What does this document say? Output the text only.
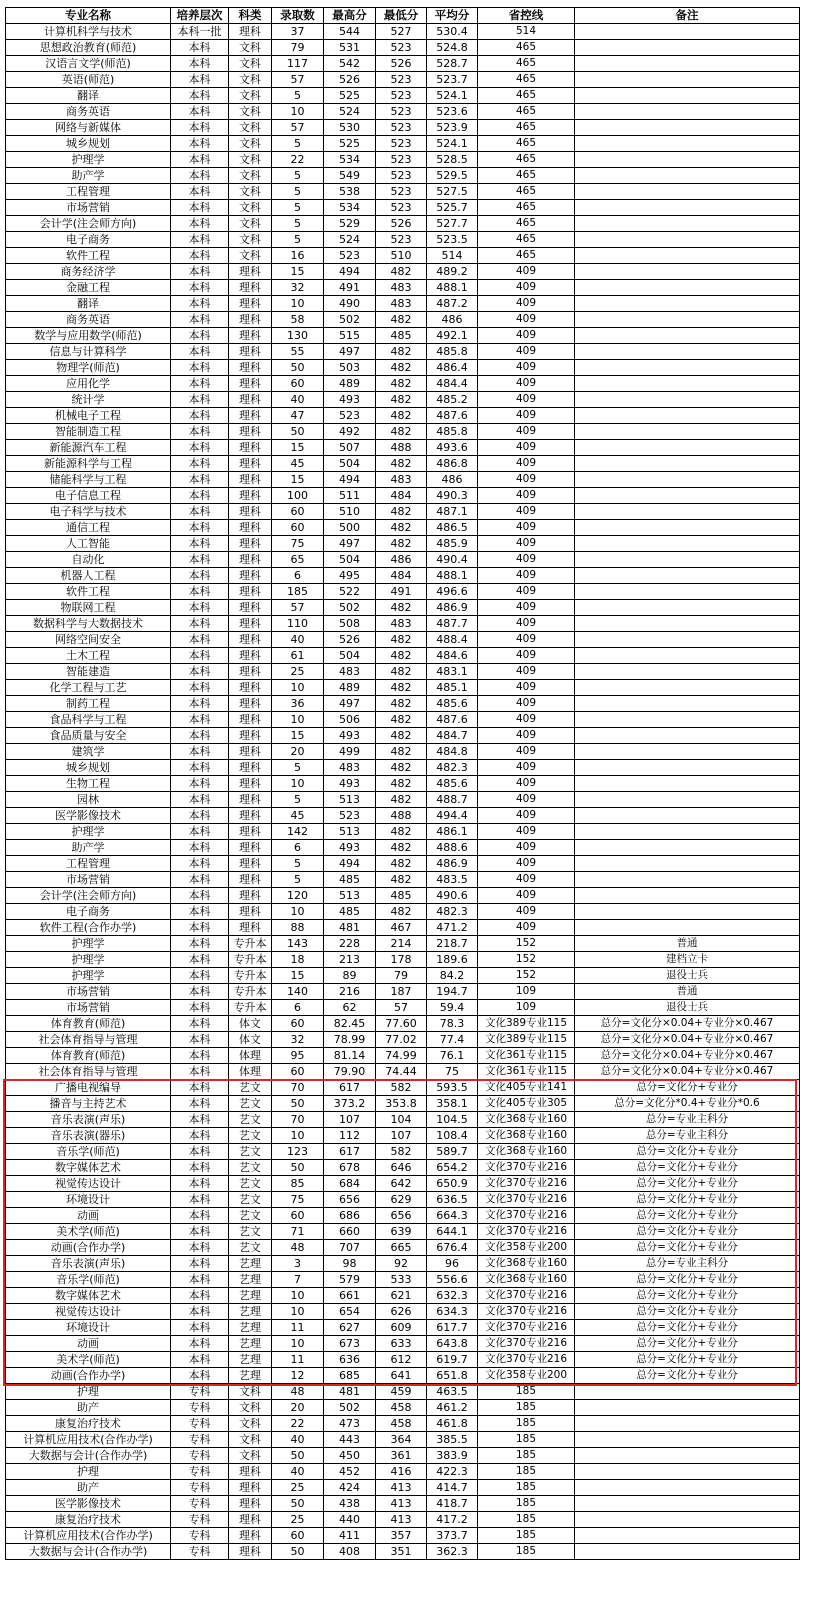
专业名称	培养层次	科类	录取数	最高分	最低分	平均分	省控线	备注
计算机科学与技术	本科一批	理科	37	544	527	530.4	514	
思想政治教育(师范)	本科	文科	79	531	523	524.8	465	
汉语言文学(师范)	本科	文科	117	542	526	528.7	465	
英语(师范)	本科	文科	57	526	523	523.7	465	
翻译	本科	文科	5	525	523	524.1	465	
商务英语	本科	文科	10	524	523	523.6	465	
网络与新媒体	本科	文科	57	530	523	523.9	465	
城乡规划	本科	文科	5	525	523	524.1	465	
护理学	本科	文科	22	534	523	528.5	465	
助产学	本科	文科	5	549	523	529.5	465	
工程管理	本科	文科	5	538	523	527.5	465	
市场营销	本科	文科	5	534	523	525.7	465	
会计学(注会师方向)	本科	文科	5	529	526	527.7	465	
电子商务	本科	文科	5	524	523	523.5	465	
软件工程	本科	文科	16	523	510	514	465	
商务经济学	本科	理科	15	494	482	489.2	409	
金融工程	本科	理科	32	491	483	488.1	409	
翻译	本科	理科	10	490	483	487.2	409	
商务英语	本科	理科	58	502	482	486	409	
数学与应用数学(师范)	本科	理科	130	515	485	492.1	409	
信息与计算科学	本科	理科	55	497	482	485.8	409	
物理学(师范)	本科	理科	50	503	482	486.4	409	
应用化学	本科	理科	60	489	482	484.4	409	
统计学	本科	理科	40	493	482	485.2	409	
机械电子工程	本科	理科	47	523	482	487.6	409	
智能制造工程	本科	理科	50	492	482	485.8	409	
新能源汽车工程	本科	理科	15	507	488	493.6	409	
新能源科学与工程	本科	理科	45	504	482	486.8	409	
储能科学与工程	本科	理科	15	494	483	486	409	
电子信息工程	本科	理科	100	511	484	490.3	409	
电子科学与技术	本科	理科	60	510	482	487.1	409	
通信工程	本科	理科	60	500	482	486.5	409	
人工智能	本科	理科	75	497	482	485.9	409	
自动化	本科	理科	65	504	486	490.4	409	
机器人工程	本科	理科	6	495	484	488.1	409	
软件工程	本科	理科	185	522	491	496.6	409	
物联网工程	本科	理科	57	502	482	486.9	409	
数据科学与大数据技术	本科	理科	110	508	483	487.7	409	
网络空间安全	本科	理科	40	526	482	488.4	409	
土木工程	本科	理科	61	504	482	484.6	409	
智能建造	本科	理科	25	483	482	483.1	409	
化学工程与工艺	本科	理科	10	489	482	485.1	409	
制药工程	本科	理科	36	497	482	485.6	409	
食品科学与工程	本科	理科	10	506	482	487.6	409	
食品质量与安全	本科	理科	15	493	482	484.7	409	
建筑学	本科	理科	20	499	482	484.8	409	
城乡规划	本科	理科	5	483	482	482.3	409	
生物工程	本科	理科	10	493	482	485.6	409	
园林	本科	理科	5	513	482	488.7	409	
医学影像技术	本科	理科	45	523	488	494.4	409	
护理学	本科	理科	142	513	482	486.1	409	
助产学	本科	理科	6	493	482	488.6	409	
工程管理	本科	理科	5	494	482	486.9	409	
市场营销	本科	理科	5	485	482	483.5	409	
会计学(注会师方向)	本科	理科	120	513	485	490.6	409	
电子商务	本科	理科	10	485	482	482.3	409	
软件工程(合作办学)	本科	理科	88	481	467	471.2	409	
护理学	本科	专升本	143	228	214	218.7	152	普通
护理学	本科	专升本	18	213	178	189.6	152	建档立卡
护理学	本科	专升本	15	89	79	84.2	152	退役士兵
市场营销	本科	专升本	140	216	187	194.7	109	普通
市场营销	本科	专升本	6	62	57	59.4	109	退役士兵
体育教育(师范)	本科	体文	60	82.45	77.60	78.3	文化389专业115	总分=文化分×0.04+专业分×0.467
社会体育指导与管理	本科	体文	32	78.99	77.02	77.4	文化389专业115	总分=文化分×0.04+专业分×0.467
体育教育(师范)	本科	体理	95	81.14	74.99	76.1	文化361专业115	总分=文化分×0.04+专业分×0.467
社会体育指导与管理	本科	体理	60	79.90	74.44	75	文化361专业115	总分=文化分×0.04+专业分×0.467
广播电视编导	本科	艺文	70	617	582	593.5	文化405专业141	总分=文化分+专业分
播音与主持艺术	本科	艺文	50	373.2	353.8	358.1	文化405专业305	总分=文化分*0.4+专业分*0.6
音乐表演(声乐)	本科	艺文	70	107	104	104.5	文化368专业160	总分=专业主科分
音乐表演(器乐)	本科	艺文	10	112	107	108.4	文化368专业160	总分=专业主科分
音乐学(师范)	本科	艺文	123	617	582	589.7	文化368专业160	总分=文化分+专业分
数字媒体艺术	本科	艺文	50	678	646	654.2	文化370专业216	总分=文化分+专业分
视觉传达设计	本科	艺文	85	684	642	650.9	文化370专业216	总分=文化分+专业分
环境设计	本科	艺文	75	656	629	636.5	文化370专业216	总分=文化分+专业分
动画	本科	艺文	60	686	656	664.3	文化370专业216	总分=文化分+专业分
美术学(师范)	本科	艺文	71	660	639	644.1	文化370专业216	总分=文化分+专业分
动画(合作办学)	本科	艺文	48	707	665	676.4	文化358专业200	总分=文化分+专业分
音乐表演(声乐)	本科	艺理	3	98	92	96	文化368专业160	总分=专业主科分
音乐学(师范)	本科	艺理	7	579	533	556.6	文化368专业160	总分=文化分+专业分
数字媒体艺术	本科	艺理	10	661	621	632.3	文化370专业216	总分=文化分+专业分
视觉传达设计	本科	艺理	10	654	626	634.3	文化370专业216	总分=文化分+专业分
环境设计	本科	艺理	11	627	609	617.7	文化370专业216	总分=文化分+专业分
动画	本科	艺理	10	673	633	643.8	文化370专业216	总分=文化分+专业分
美术学(师范)	本科	艺理	11	636	612	619.7	文化370专业216	总分=文化分+专业分
动画(合作办学)	本科	艺理	12	685	641	651.8	文化358专业200	总分=文化分+专业分
护理	专科	文科	48	481	459	463.5	185	
助产	专科	文科	20	502	458	461.2	185	
康复治疗技术	专科	文科	22	473	458	461.8	185	
计算机应用技术(合作办学)	专科	文科	40	443	364	385.5	185	
大数据与会计(合作办学)	专科	文科	50	450	361	383.9	185	
护理	专科	理科	40	452	416	422.3	185	
助产	专科	理科	25	424	413	414.7	185	
医学影像技术	专科	理科	50	438	413	418.7	185	
康复治疗技术	专科	理科	25	440	413	417.2	185	
计算机应用技术(合作办学)	专科	理科	60	411	357	373.7	185	
大数据与会计(合作办学)	专科	理科	50	408	351	362.3	185	
